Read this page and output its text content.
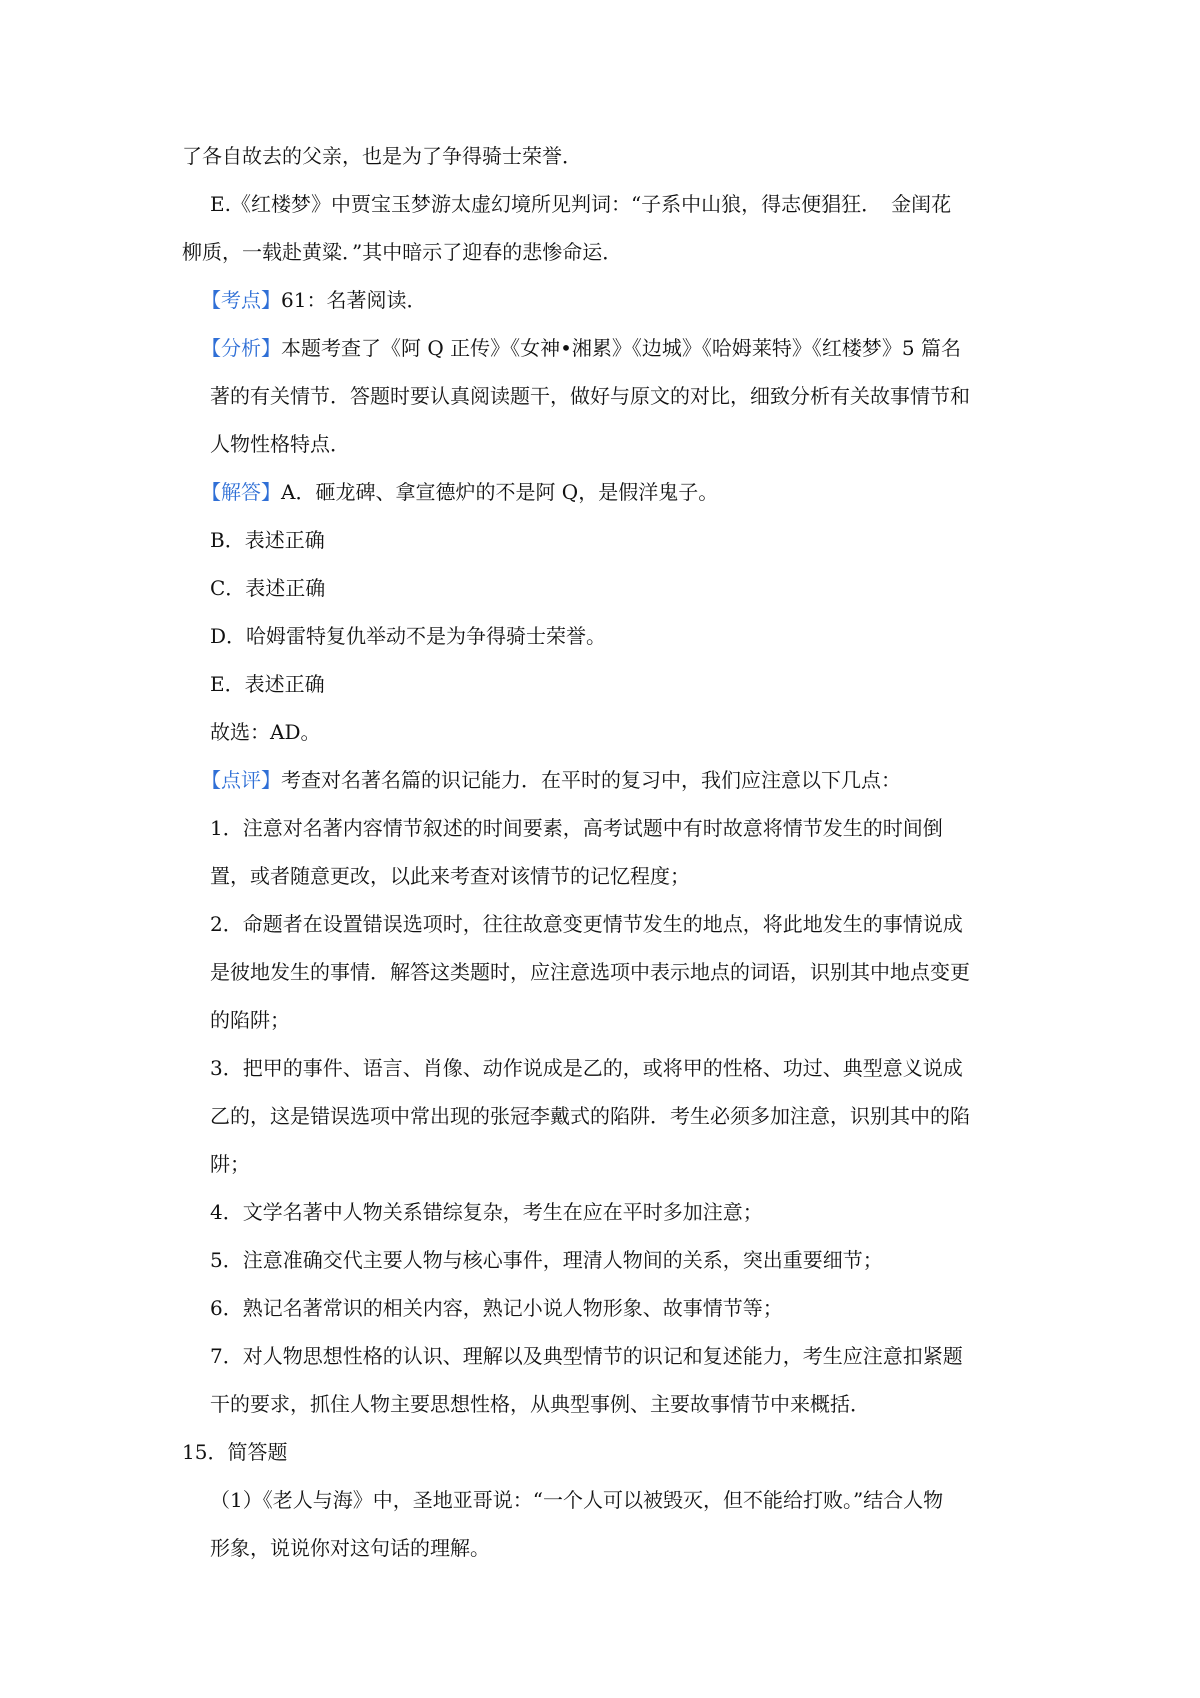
了各自故去的父亲，也是为了争得骑士荣誉．
E.《红楼梦》中贾宝玉梦游太虚幻境所见判词：“子系中山狼，得志便猖狂．　金闺花
柳质，一载赴黄粱．”其中暗示了迎春的悲惨命运．
【考点】61：名著阅读．
【分析】本题考查了《阿 Q 正传》《女神•湘累》《边城》《哈姆莱特》《红楼梦》5 篇名
著的有关情节．答题时要认真阅读题干，做好与原文的对比，细致分析有关故事情节和
人物性格特点．
【解答】A．砸龙碑、拿宣德炉的不是阿 Q，是假洋鬼子。
B．表述正确
C．表述正确
D．哈姆雷特复仇举动不是为争得骑士荣誉。
E．表述正确
故选：AD。
【点评】考查对名著名篇的识记能力．在平时的复习中，我们应注意以下几点：
1．注意对名著内容情节叙述的时间要素，高考试题中有时故意将情节发生的时间倒
置，或者随意更改，以此来考查对该情节的记忆程度；
2．命题者在设置错误选项时，往往故意变更情节发生的地点，将此地发生的事情说成
是彼地发生的事情．解答这类题时，应注意选项中表示地点的词语，识别其中地点变更
的陷阱；
3．把甲的事件、语言、肖像、动作说成是乙的，或将甲的性格、功过、典型意义说成
乙的，这是错误选项中常出现的张冠李戴式的陷阱．考生必须多加注意，识别其中的陷
阱；
4．文学名著中人物关系错综复杂，考生在应在平时多加注意；
5．注意准确交代主要人物与核心事件，理清人物间的关系，突出重要细节；
6．熟记名著常识的相关内容，熟记小说人物形象、故事情节等；
7．对人物思想性格的认识、理解以及典型情节的识记和复述能力，考生应注意扣紧题
干的要求，抓住人物主要思想性格，从典型事例、主要故事情节中来概括．
15．简答题
（1）《老人与海》中，圣地亚哥说：“一个人可以被毁灭，但不能给打败。”结合人物
形象，说说你对这句话的理解。
